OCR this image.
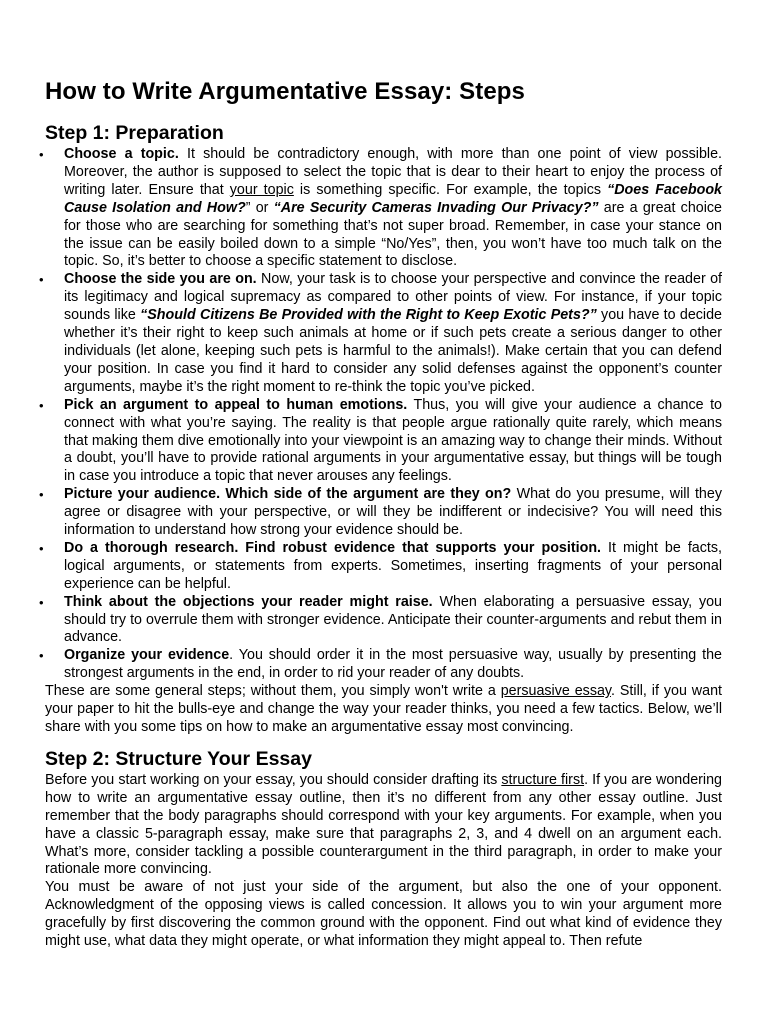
How to Write Argumentative Essay: Steps
Step 1: Preparation
• Choose a topic. It should be contradictory enough, with more than one point of view possible. Moreover, the author is supposed to select the topic that is dear to their heart to enjoy the process of writing later. Ensure that your topic is something specific. For example, the topics “Does Facebook Cause Isolation and How?” or “Are Security Cameras Invading Our Privacy?” are a great choice for those who are searching for something that’s not super broad. Remember, in case your stance on the issue can be easily boiled down to a simple “No/Yes”, then, you won’t have too much talk on the topic. So, it’s better to choose a specific statement to disclose.
• Choose the side you are on. Now, your task is to choose your perspective and convince the reader of its legitimacy and logical supremacy as compared to other points of view. For instance, if your topic sounds like “Should Citizens Be Provided with the Right to Keep Exotic Pets?” you have to decide whether it’s their right to keep such animals at home or if such pets create a serious danger to other individuals (let alone, keeping such pets is harmful to the animals!). Make certain that you can defend your position. In case you find it hard to consider any solid defenses against the opponent’s counter arguments, maybe it’s the right moment to re-think the topic you’ve picked.
• Pick an argument to appeal to human emotions. Thus, you will give your audience a chance to connect with what you’re saying. The reality is that people argue rationally quite rarely, which means that making them dive emotionally into your viewpoint is an amazing way to change their minds. Without a doubt, you’ll have to provide rational arguments in your argumentative essay, but things will be tough in case you introduce a topic that never arouses any feelings.
• Picture your audience. Which side of the argument are they on? What do you presume, will they agree or disagree with your perspective, or will they be indifferent or indecisive? You will need this information to understand how strong your evidence should be.
• Do a thorough research. Find robust evidence that supports your position. It might be facts, logical arguments, or statements from experts. Sometimes, inserting fragments of your personal experience can be helpful.
• Think about the objections your reader might raise. When elaborating a persuasive essay, you should try to overrule them with stronger evidence. Anticipate their counter-arguments and rebut them in advance.
• Organize your evidence. You should order it in the most persuasive way, usually by presenting the strongest arguments in the end, in order to rid your reader of any doubts.

These are some general steps; without them, you simply won't write a persuasive essay. Still, if you want your paper to hit the bulls-eye and change the way your reader thinks, you need a few tactics. Below, we’ll share with you some tips on how to make an argumentative essay most convincing.

Step 2: Structure Your Essay

Before you start working on your essay, you should consider drafting its structure first. If you are wondering how to write an argumentative essay outline, then it’s no different from any other essay outline. Just remember that the body paragraphs should correspond with your key arguments. For example, when you have a classic 5-paragraph essay, make sure that paragraphs 2, 3, and 4 dwell on an argument each. What’s more, consider tackling a possible counterargument in the third paragraph, in order to make your rationale more convincing.

You must be aware of not just your side of the argument, but also the one of your opponent. Acknowledgment of the opposing views is called concession. It allows you to win your argument more gracefully by first discovering the common ground with the opponent. Find out what kind of evidence they might use, what data they might operate, or what information they might appeal to. Then refute
